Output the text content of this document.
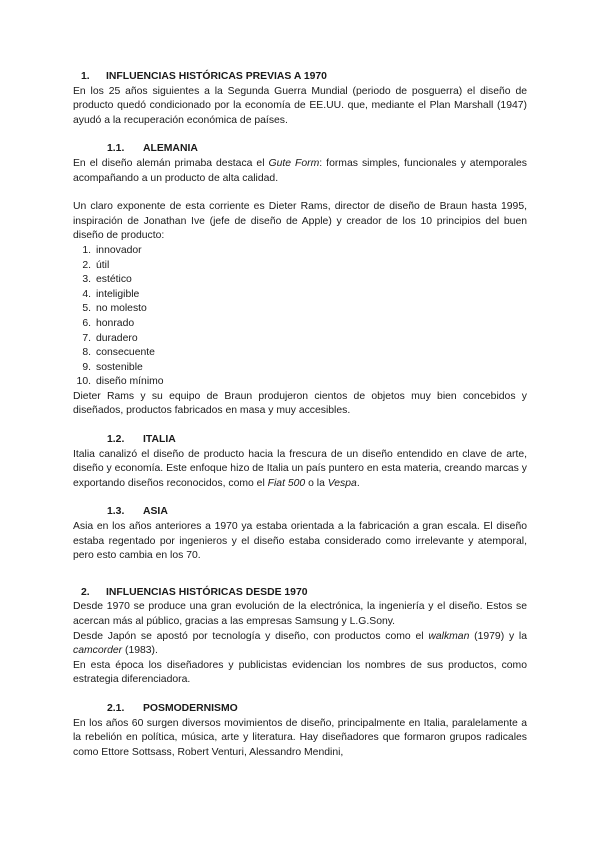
1. INFLUENCIAS HISTÓRICAS PREVIAS A 1970

En los 25 años siguientes a la Segunda Guerra Mundial (periodo de posguerra) el diseño de producto quedó condicionado por la economía de EE.UU. que, mediante el Plan Marshall (1947) ayudó a la recuperación económica de países.

1.1. ALEMANIA

En el diseño alemán primaba destaca el Gute Form: formas simples, funcionales y atemporales acompañando a un producto de alta calidad.

Un claro exponente de esta corriente es Dieter Rams, director de diseño de Braun hasta 1995, inspiración de Jonathan Ive (jefe de diseño de Apple) y creador de los 10 principios del buen diseño de producto:

1. innovador
2. útil
3. estético
4. inteligible
5. no molesto
6. honrado
7. duradero
8. consecuente
9. sostenible
10. diseño mínimo

Dieter Rams y su equipo de Braun produjeron cientos de objetos muy bien concebidos y diseñados, productos fabricados en masa y muy accesibles.

1.2. ITALIA

Italia canalizó el diseño de producto hacia la frescura de un diseño entendido en clave de arte, diseño y economía. Este enfoque hizo de Italia un país puntero en esta materia, creando marcas y exportando diseños reconocidos, como el Fiat 500 o la Vespa.

1.3. ASIA

Asia en los años anteriores a 1970 ya estaba orientada a la fabricación a gran escala. El diseño estaba regentado por ingenieros y el diseño estaba considerado como irrelevante y atemporal, pero esto cambia en los 70.

2. INFLUENCIAS HISTÓRICAS DESDE 1970

Desde 1970 se produce una gran evolución de la electrónica, la ingeniería y el diseño. Estos se acercan más al público, gracias a las empresas Samsung y L.G.Sony.

Desde Japón se apostó por tecnología y diseño, con productos como el walkman (1979) y la camcorder (1983).

En esta época los diseñadores y publicistas evidencian los nombres de sus productos, como estrategia diferenciadora.

2.1. POSMODERNISMO

En los años 60 surgen diversos movimientos de diseño, principalmente en Italia, paralelamente a la rebelión en política, música, arte y literatura. Hay diseñadores que formaron grupos radicales como Ettore Sottsass, Robert Venturi, Alessandro Mendini,
